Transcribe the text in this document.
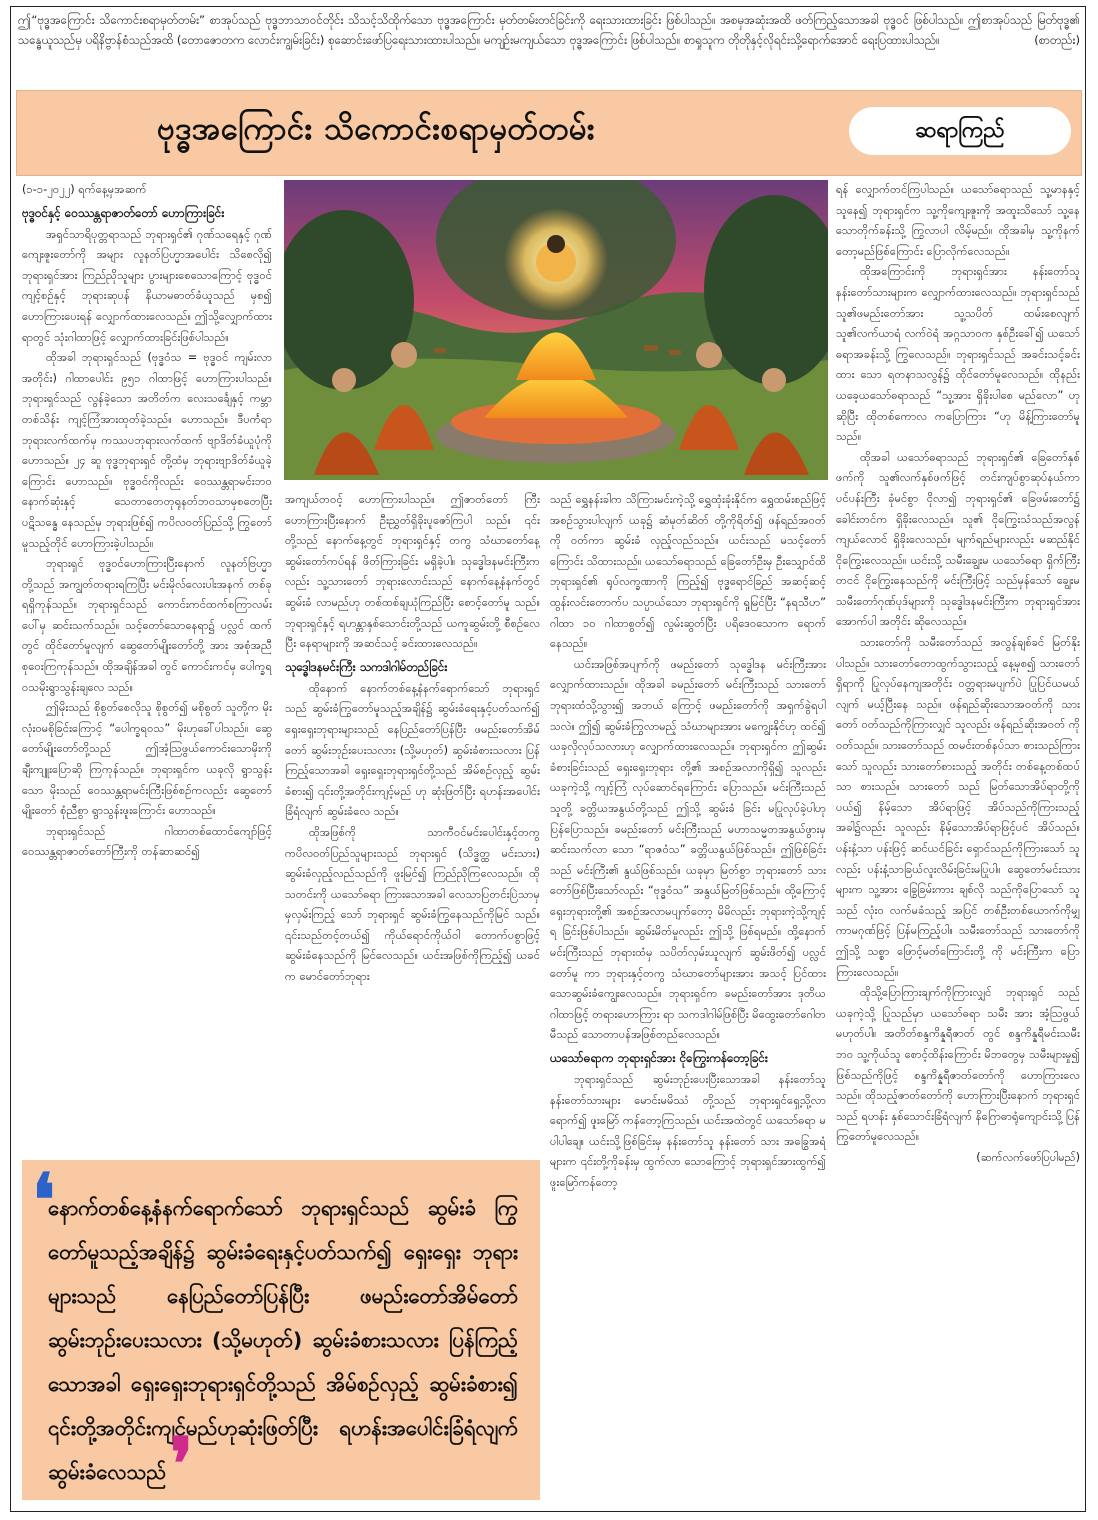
ဤ“ဗုဒ္ဓအကြောင်း သိကောင်းစရာမှတ်တမ်း” စာအုပ်သည် ဗုဒ္ဓဘာသာဝင်တိုင်း သိသင့်သိထိုက်သော ဗုဒ္ဓအကြောင်း မှတ်တမ်းတင်ခြင်းကို ရေးသားထားခြင်း ဖြစ်ပါသည်။ အစမှအဆုံးအထိ ဖတ်ကြည့်သောအခါ ဗုဒ္ဓဝင် ဖြစ်ပါသည်။ ဤစာအုပ်သည် မြတ်ဗုဒ္ဓ၏ သန္ဓေယူသည်မှ ပရိနိဗ္ဗာန်စံသည်အထိ (တောဇောတက လောင်းကျွမ်းခြင်း) စုဆောင်းဖော်ပြရေးသားထားပါသည်။ မကျဉ်းမကျယ်သော ဗုဒ္ဓအကြောင်း ဖြစ်ပါသည်။ စာရှုသူက တိုတိုနှင့်လိုရင်းသို့ရောက်အောင် ရေးပြထားပါသည်။	(စာတည်း)
ဗုဒ္ဓအကြောင်း သိကောင်းစရာမှတ်တမ်း	ဆရာကြည်

(၁-၁-၂၀၂၂) ရက်နေ့မှအဆက်

ဗုဒ္ဓဝင်နှင့် ဝေဿန္တရာဇာတ်တော် ဟောကြားခြင်း

အရှင်သာရိပုတ္တရာသည် ဘုရားရှင်၏ ဂုဏ်သရေနှင့် ဂုဏ်ကျေးဇူးတော်ကို အများ လူနတ်ပြဟ္မာအပေါင်း သိစေလို၍ ဘုရားရှင်အား ကြည်ညိုသူများ ပွားများစေသောကြောင့် ဗုဒ္ဓဝင် ကျင့်စဉ်နှင့် ဘုရားဆုပန် နိယာမဓာတ်ခံယူသည် မှစ၍ ဟောကြားပေးရန် လျှောက်ထားလေသည်။ ဤသို့လျှောက်ထားရာတွင် သုံးဂါထာဖြင့် လျှောက်ထားခြင်းဖြစ်ပါသည်။

ထိုအခါ ဘုရားရှင်သည် (ဗုဒ္ဓဝံသ = ဗုဒ္ဓဝင် ကျမ်းလာအတိုင်း) ဂါထာပေါင်း ၉၅၁ ဂါထာဖြင့် ဟောကြားပါသည်။ ဘုရားရှင်သည် လွန်ခဲ့သော အတိတ်က လေးသင်္ချေနှင့် ကမ္ဘာတစ်သိန်း ကျင့်ကြံအားထုတ်ခဲ့သည်။ ဟောသည်။ ဒီပင်္ကရာ ဘုရားလက်ထက်မှ ကဿပဘုရားလက်ထက် ဗျာဒိတ်ခံယူပုံကိုဟောသည်။ ၂၄ ဆူ ဗုဒ္ဓဘုရားရှင် တို့ထံမှ ဘုရားဗျာဒိတ်ခံယူခဲ့ကြောင်း ဟောသည်။ ဗုဒ္ဓဝင်ကိုလည်း ဝေဿန္တရာမင်းဘဝနောက်ဆုံးနှင့် သေတာတေတုရုနတ်ဘဝသာမှစတေပြီး ပဋိသန္ဓေ နေသည်မှ ဘုရားဖြစ်၍ ကပိလဝတ်ပြည်သို့ ကြွတော်မူသည့်တိုင် ဟောကြားခဲ့ပါသည်။

ဘုရားရှင် ဗုဒ္ဓဝင်ဟောကြားပြီးနောက် လူနတ်ဗြဟ္မာတို့သည် အကျွတ်တရားရကြပြီး မင်းမိုလ်လေးပါးအနက် တစ်ခုရရှိကုန်သည်။ ဘုရားရှင်သည် ကောင်းကင်ထက်စကြာလမ်းပေါ်မှ ဆင်းသက်သည်။ သင့်တော်သောနေရာ၌ ပလ္လင် ထက်တွင် ထိုင်တော်မူလျက် ဆွေတော်မျိုးတော်တို့ အား အစုံအညီစုဝေးကြကုန်သည်။ ထိုအချိန်အခါ တွင် ကောင်းကင်မှ ပေါက္ခရဝသမိုးရွာသွန်းချလေ သည်။

ဤမိုးသည် စိုစွတ်စေလိုသူ စိုစွတ်၍ မစိုစွတ် သူတို့က မိုးလုံးဝမစိုခြင်းကြောင့် “ပေါက္ခရဝသ” မိုးဟုခေါ်ပါသည်။ ဆွေတော်မျိုးတော်တို့သည် ဤအံ့သြဖွယ်ကောင်းသောမိုးကို ချီးကျူးပြောဆို ကြကုန်သည်။ ဘုရားရှင်က ယခုလို ရွာသွန်းသော မိုးသည် ဝေဿန္တရာမင်းကြီးဖြစ်စဉ်ကလည်း ဆွေတော်မျိုးတော် စုံညီစွာ ရွာသွန်းဖူးကြောင်း ဟောသည်။

ဘုရားရှင်သည် ဂါထာတစ်ထောင်ကျော်ဖြင့် ဝေဿန္တရာဇာတ်တော်ကြီးကို တန်ဆာဆင်၍

အကျယ်တဝင့် ဟောကြားပါသည်။ ဤဇာတ်တော် ကြီး ဟောကြားပြီးနောက် ဦးညွှတ်ရှိခိုးပူဇော်ကြပါ သည်။ ၎င်းတို့သည် နောက်နေ့တွင် ဘုရားရှင်နှင့် တကွ သံဃာတော်နေ့ဆွမ်းတော်ကပ်ရန် ဖိတ်ကြားခြင်း မရှိခဲ့ပါ။ သုဒ္ဓေါဒနမင်းကြီးကလည်း သူ့သားတော် ဘုရားလောင်းသည် နောက်နေ့နံနက်တွင် ဆွမ်းခံ လာမည်ဟု တစ်ထစ်ချယုံကြည်ပြီး စောင့်တော်မူ သည်။ ဘုရားရှင်နှင့် ရဟန္တာနှစ်သောင်းတို့သည် ယကူဆွမ်းတို့ စီစဉ်လေပြီး နေရာများကို အဆင်သင့် ခင်းထားလေသည်။

သုဒ္ဓေါဒနမင်းကြီး သကဒါဂါမ်တည်ခြင်း

ထိုနောက် နောက်တစ်နေ့နံနက်ရောက်သော် ဘုရားရှင်သည် ဆွမ်းခံကြွတော်မူသည့်အချိန်၌ ဆွမ်းခံရေးနှင့်ပတ်သက်၍ ရှေးရှေးဘုရားများသည် နေပြည်တော်ပြန်ပြီး ဖမည်းတော်အိမ်တော် ဆွမ်းဘုဉ်းပေးသလား (သို့မဟုတ်) ဆွမ်းခံစားသလား ပြန်ကြည့်သောအခါ ရှေးရှေးဘုရားရှင်တို့သည် အိမ်စဉ်လှည့် ဆွမ်းခံစား၍ ၎င်းတို့အတိုင်းကျင့်မည် ဟု ဆုံးဖြတ်ပြီး ရဟန်းအပေါင်းခြံရံလျက် ဆွမ်းခံလေ သည်။

ထိုအဖြစ်ကို သာကီဝင်မင်းပေါင်းနှင့်တကွ ကပိလဝတ်ပြည်သူများသည် ဘုရားရှင် (သိဒ္ဓတ္ထ မင်းသား) ဆွမ်းခံလှည့်လည်သည်ကို ဖူးမြင်၍ ကြည်ညိုကြလေသည်။ ထိုသတင်းကို ယသော်ဓရာ ကြားသောအခါ လေသာပြတင်းပြဲသာမှမှလှမ်းကြည့် သော် ဘုရားရှင် ဆွမ်းခံကြွနေသည်ကိုမြင် သည်။ ၎င်းသည်တင့်တယ်၍ ကိုယ်ရောင်ကိုယ်ဝါ တောက်ပစွာဖြင့် ဆွမ်းခံနေသည်ကို မြင်လေသည်။ ယင်းအဖြစ်ကိုကြည့်၍ ယခင်က မောင်တော်ဘုရား

သည် ရွှေနန်းခါက သိကြားမင်းကဲ့သို့ ရွှေထုံးခုံးနိုင်က ရွှေထမ်းစည်ဖြင့် အစဉ်သွားပါလျက် ယခု၌ ဆံမုတ်ဆိတ် တို့ကိုရိတ်၍ ဖန်ရည်အဝတ်ကို ဝတ်ကာ ဆွမ်းခံ လှည့်လည်သည်။ ယင်းသည် မသင့်တော်ကြောင်း သိထားသည်။ ယသော်ဓရာသည် ခြေတော်ဦးမှ ဦးသျှောင်ထိ ဘုရားရှင်၏ ရုပ်လက္ခဏာကို ကြည့်၍ ဗုဒ္ဓရောင်ခြည် အဆင့်ဆင့် ထွန်းလင်းတောက်ပ သပ္ပာယ်သော ဘုရားရှင်ကို ရှုမြင်ပြီး “နရသီဟ” ဂါထာ ၁၀ ဂါထာစွတ်၍ လွမ်းဆွတ်ပြီး ပရိဒေဝသောက ရောက်နေသည်။

ယင်းအဖြစ်အပျက်ကို ဖမည်းတော် သုဒ္ဓေါဒန မင်းကြီးအား လျှောက်ထားသည်။ ထိုအခါ ခမည်းတော် မင်းကြီးသည် သားတော်ဘုရားထံသို့သွား၍ အဘယ် ကြောင့် ဖမည်းတော်ကို အရှက်ခွဲရပါသလဲ။ ဤ၍ ဆွမ်းခံကြွလာမည့် သံဃာများအား မကျွေးနိုင်ဟု ထင်၍ ယခုလိုလုပ်သလားဟု လျှောက်ထားလေသည်။ ဘုရားရှင်က ဤဆွမ်းခံစားခြင်းသည် ရှေးရှေးဘုရား တို့၏ အစဉ်အလာကိုရှိ၍ သူလည်း ယခုကဲ့သို့ ကျင့်ကြံ လုပ်ဆောင်ရကြောင်း ပြောသည်။ မင်းကြီးသည် သူတို့ ခတ္တိယအနွယ်တို့သည် ဤသို့ ဆွမ်းခံ ခြင်း မပြုလုပ်ခဲ့ပါဟု ပြန်ပြောသည်။ ခမည်းတော် မင်းကြီးသည် မဟာသမ္မတအနွယ်ဖွားမှ ဆင်းသက်လာ သော “ရာဇဝံသ” ခတ္တိယနွယ်ဖြစ်သည်။ ဤဖြစ်ခြင်း သည် မင်းကြီး၏ နွယ်ဖြစ်သည်။ ယခုမှာ မြတ်စွာ ဘုရားတော် သားတော်ဖြစ်ပြီးသော်လည်း “ဗုဒ္ဓဝံသ” အနွယ်မြတ်ဖြစ်သည်။ ထို့ကြောင့် ရှေးဘုရားတို့၏ အစဉ်အလာမပျက်တော့ မိမိလည်း ဘုရားကဲ့သို့ကျင့်ရ ခြင်းဖြစ်ပါသည်။ ဆွမ်းမိတ်မှုလည်း ဤသို့ ဖြစ်ရမည်။ ထို့နောက် မင်းကြီးသည် ဘုရားထံမှ သပိတ်လှမ်းယူလျက် ဆွမ်းဖိတ်၍ ပလ္လင်တော်မူ ကာ ဘုရားနှင့်တကွ သံဃာတော်များအား အသင့် ပြင်ထားသောဆွမ်းခံကျွေးလေသည်။ ဘုရားရှင်က ခမည်းတော်အား ဒုတိယဂါထာဖြင့် တရားဟောကြား ရာ သကဒါဂါမ်ဖြစ်ပြီး မိထွေးတော်ဂေါတမီသည် သောတာပန်အဖြစ်တည်လေသည်။

ယသော်ဓရာက ဘုရားရှင်အား ငိုကြွေးကန်တော့ခြင်း

ဘုရားရှင်သည် ဆွမ်းဘုဉ်းပေးပြီးသောအခါ နန်းတော်သူ နန်းတော်သားများ မောင်းမမိဿံ တို့သည် ဘုရားရှင်ရှေ့သို့လာရောက်၍ ဖူးမြော် ကန်တော့ကြသည်။ ယင်းအထဲတွင် ယသော်ဓရာ မပါပါချေ။ ယင်းသို့ဖြစ်ခြင်းမှ နန်းတော်သူ နန်းတော် သား အခြွေအရံများက ၎င်းတို့ကိုခန်းမှ ထွက်လာ သောကြောင့် ဘုရားရှင်အားထွက်၍ ဖူးမြော်ကန်တော့

ရန် လျှောက်တင်ကြပါသည်။ ယသော်ဓရာသည် သူ့မာနနှင့်သူနေ၍ ဘုရားရှင်က သူ့ကိုကျေးဇူးကို အထူးသိသော် သူ့နေသောတိုက်ခန်းသို့ ကြွလာပါ လိမ့်မည်။ ထိုအခါမှ သူ့ကိုနက်တော့မည်ဖြစ်ကြောင်း ပြောလိုက်လေသည်။

ထိုအကြောင်းကို ဘုရားရှင်အား နန်းတော်သူ နန်းတော်သားများက လျှောက်ထားလေသည်။ ဘုရားရှင်သည် သူ၏ဖမည်းတော်အား သူ့သပိတ် ထမ်းစေလျက် သူ၏လက်ယာရံ လက်ဝဲရံ အဂ္ဂသာဝက နှစ်ဦးခေါ်၍ ယသော်ဓရာအခန်းသို့ ကြွလေသည်။ ဘုရားရှင်သည် အခင်းသင့်ခင်းထား သော ရတနာသလွန်၌ ထိုင်တော်မူလေသည်။ ထိုနည်း ယခေ့ယသော်ဓရာသည် “သူ့အား ရှိခိုးပါစေ မည်လော” ဟု ဆိုပြီး ထိုတစ်ကောလ ကပြောကြား “ဟု မိန့်ကြားတော်မူသည်။

ထိုအခါ ယသော်ဓရာသည် ဘုရားရှင်၏ ခြေတော်နှစ်ဖက်ကို သူ၏လက်နှစ်ဖက်ဖြင့် တင်းကျပ်စွာဆုပ်နယ်ကာ ပင်ပန်းကြီး ခုံမင်စွာ ငိုလာ၍ ဘုရားရှင်၏ ခြေဖမ်းတော်၌ ခေါင်းတင်က ရှိခိုးလေသည်။ သူ၏ ငိုကြွေးသံသည်အလွန်ကျယ်လောင် ရှိခိုးလေသည်။ မျက်ရည်များလည်း မဆည်နိုင် ငိုကြွေးလေသည်။ ယင်းသို့ သမီးချွေးမ ယသော်ဓရာ ရှိက်ကြီးတငင် ငိုကြွေးနေသည်ကို မင်းကြီးဖြင့် သည်မှန်သော် ချွေးမသမီးတော်ဂုဏ်ပုဒ်များကို သုဒ္ဓေါဒနမင်းကြီးက ဘုရားရှင်အား အောက်ပါ အတိုင်း ဆိုလေသည်။

သားတော်ကို သမီးတော်သည် အလွန်ချစ်ခင် မြတ်နိုးပါသည်။ သားတော်တောထွက်သွားသည့် နေ့မှစ၍ သားတော်ရှိရာကို ပြုလုပ်နေကျအတိုင်း ဝတ္တရားမပျက်ပဲ ပြုပြင်ယမယ်လျက် မယ့်ပြီးနေ သည်။ ဖန်ရည်ဆိုးသောအဝတ်ကို သားတော် ဝတ်သည်ကိုကြားလျှင် သူလည်း ဖန်ရည်ဆိုးအဝတ် ကိုဝတ်သည်။ သားတော်သည် ထမင်းတစ်နပ်သာ စားသည်ကြားသော် သူလည်း သားတော်စားသည့် အတိုင်း တစ်နေ့တစ်ထပ်သာ စားသည်။ သားတော် သည် မြတ်သောအိပ်ရာတို့ကိုပယ်၍ နိမ့်သော အိပ်ရာဖြင့် အိပ်သည်ကိုကြားသည့်အခါ၌လည်း သူလည်း နိမ့်သောအိပ်ရာဖြင့်ပင် အိပ်သည်။ ပန်းနံ့သာ ပန်းဖြင့် ဆင်ယင်ခြင်း ရှောင်သည်ကိုကြားသော် သူလည်း ပန်းနံ့သာခြယ်လူးလိမ်းခြင်းမပြုပါ။ ဆွေတော်မင်းသားများက သူ့အား ခြွေခြမ်းကား ချစ်လို သည်ကိုပြောသော် သူသည် လုံးဝ လက်မခံသည့် အပြင် တစ်ဦးတစ်ယောက်ကိုမျှ ကာမဂုဏ်ဖြင့် ပြန်မကြည့်ပါ။ သမီးတော်သည် သားတော်ကို ဤသို့ သစ္စာ ဖြောင့်မတ်ကြောင်းတို့ ကို မင်းကြီးက ပြောကြားလေသည်။

ထိုသို့ပြောကြားချက်ကိုကြားလျှင် ဘုရားရှင် သည် ယခုကဲ့သို့ ပြုသည်မှာ ယသော်ဓရာ သမီး အား အံ့သြဖွယ်မဟုတ်ပါ။ အတိတ်စန္ဒကိန္နရီဇာတ် တွင် စန္ဒကိန္နရီမင်းသမီးဘဝ သူ့ကိုယ်သူ စောင့်ထိန်းကြောင်း မိဘတွေမှ သမီးများမှု၍ ဖြစ်သည်ကိုဖြင့် စန္ဒကိန္နရီဇာတ်တော်ကို ဟောကြားလေသည်။ ထိုသည့်ဇာတ်တော်ကို ဟောကြားပြီးနောက် ဘုရားရှင်သည် ရဟန်း နှစ်သောင်းခြံရံလျက် နိဂြောဓာရုံကျောင်းသို့ ပြန်ကြွတော်မူလေသည်။

(ဆက်လက်ဖော်ပြပါမည်)

❛
နောက်တစ်နေ့နံနက်ရောက်သော် ဘုရားရှင်သည် ဆွမ်းခံ ကြွတော်မူသည့်အချိန်၌ ဆွမ်းခံရေးနှင့်ပတ်သက်၍ ရှေးရှေး ဘုရားများသည် နေပြည်တော်ပြန်ပြီး ဖမည်းတော်အိမ်တော် ဆွမ်းဘုဉ်းပေးသလား (သို့မဟုတ်) ဆွမ်းခံစားသလား ပြန်ကြည့် သောအခါ ရှေးရှေးဘုရားရှင်တို့သည် အိမ်စဉ်လှည့် ဆွမ်းခံစား၍ ၎င်းတို့အတိုင်းကျင့်မည်ဟုဆုံးဖြတ်ပြီး ရဟန်းအပေါင်းခြံရံလျက် ဆွမ်းခံလေသည် ❜
